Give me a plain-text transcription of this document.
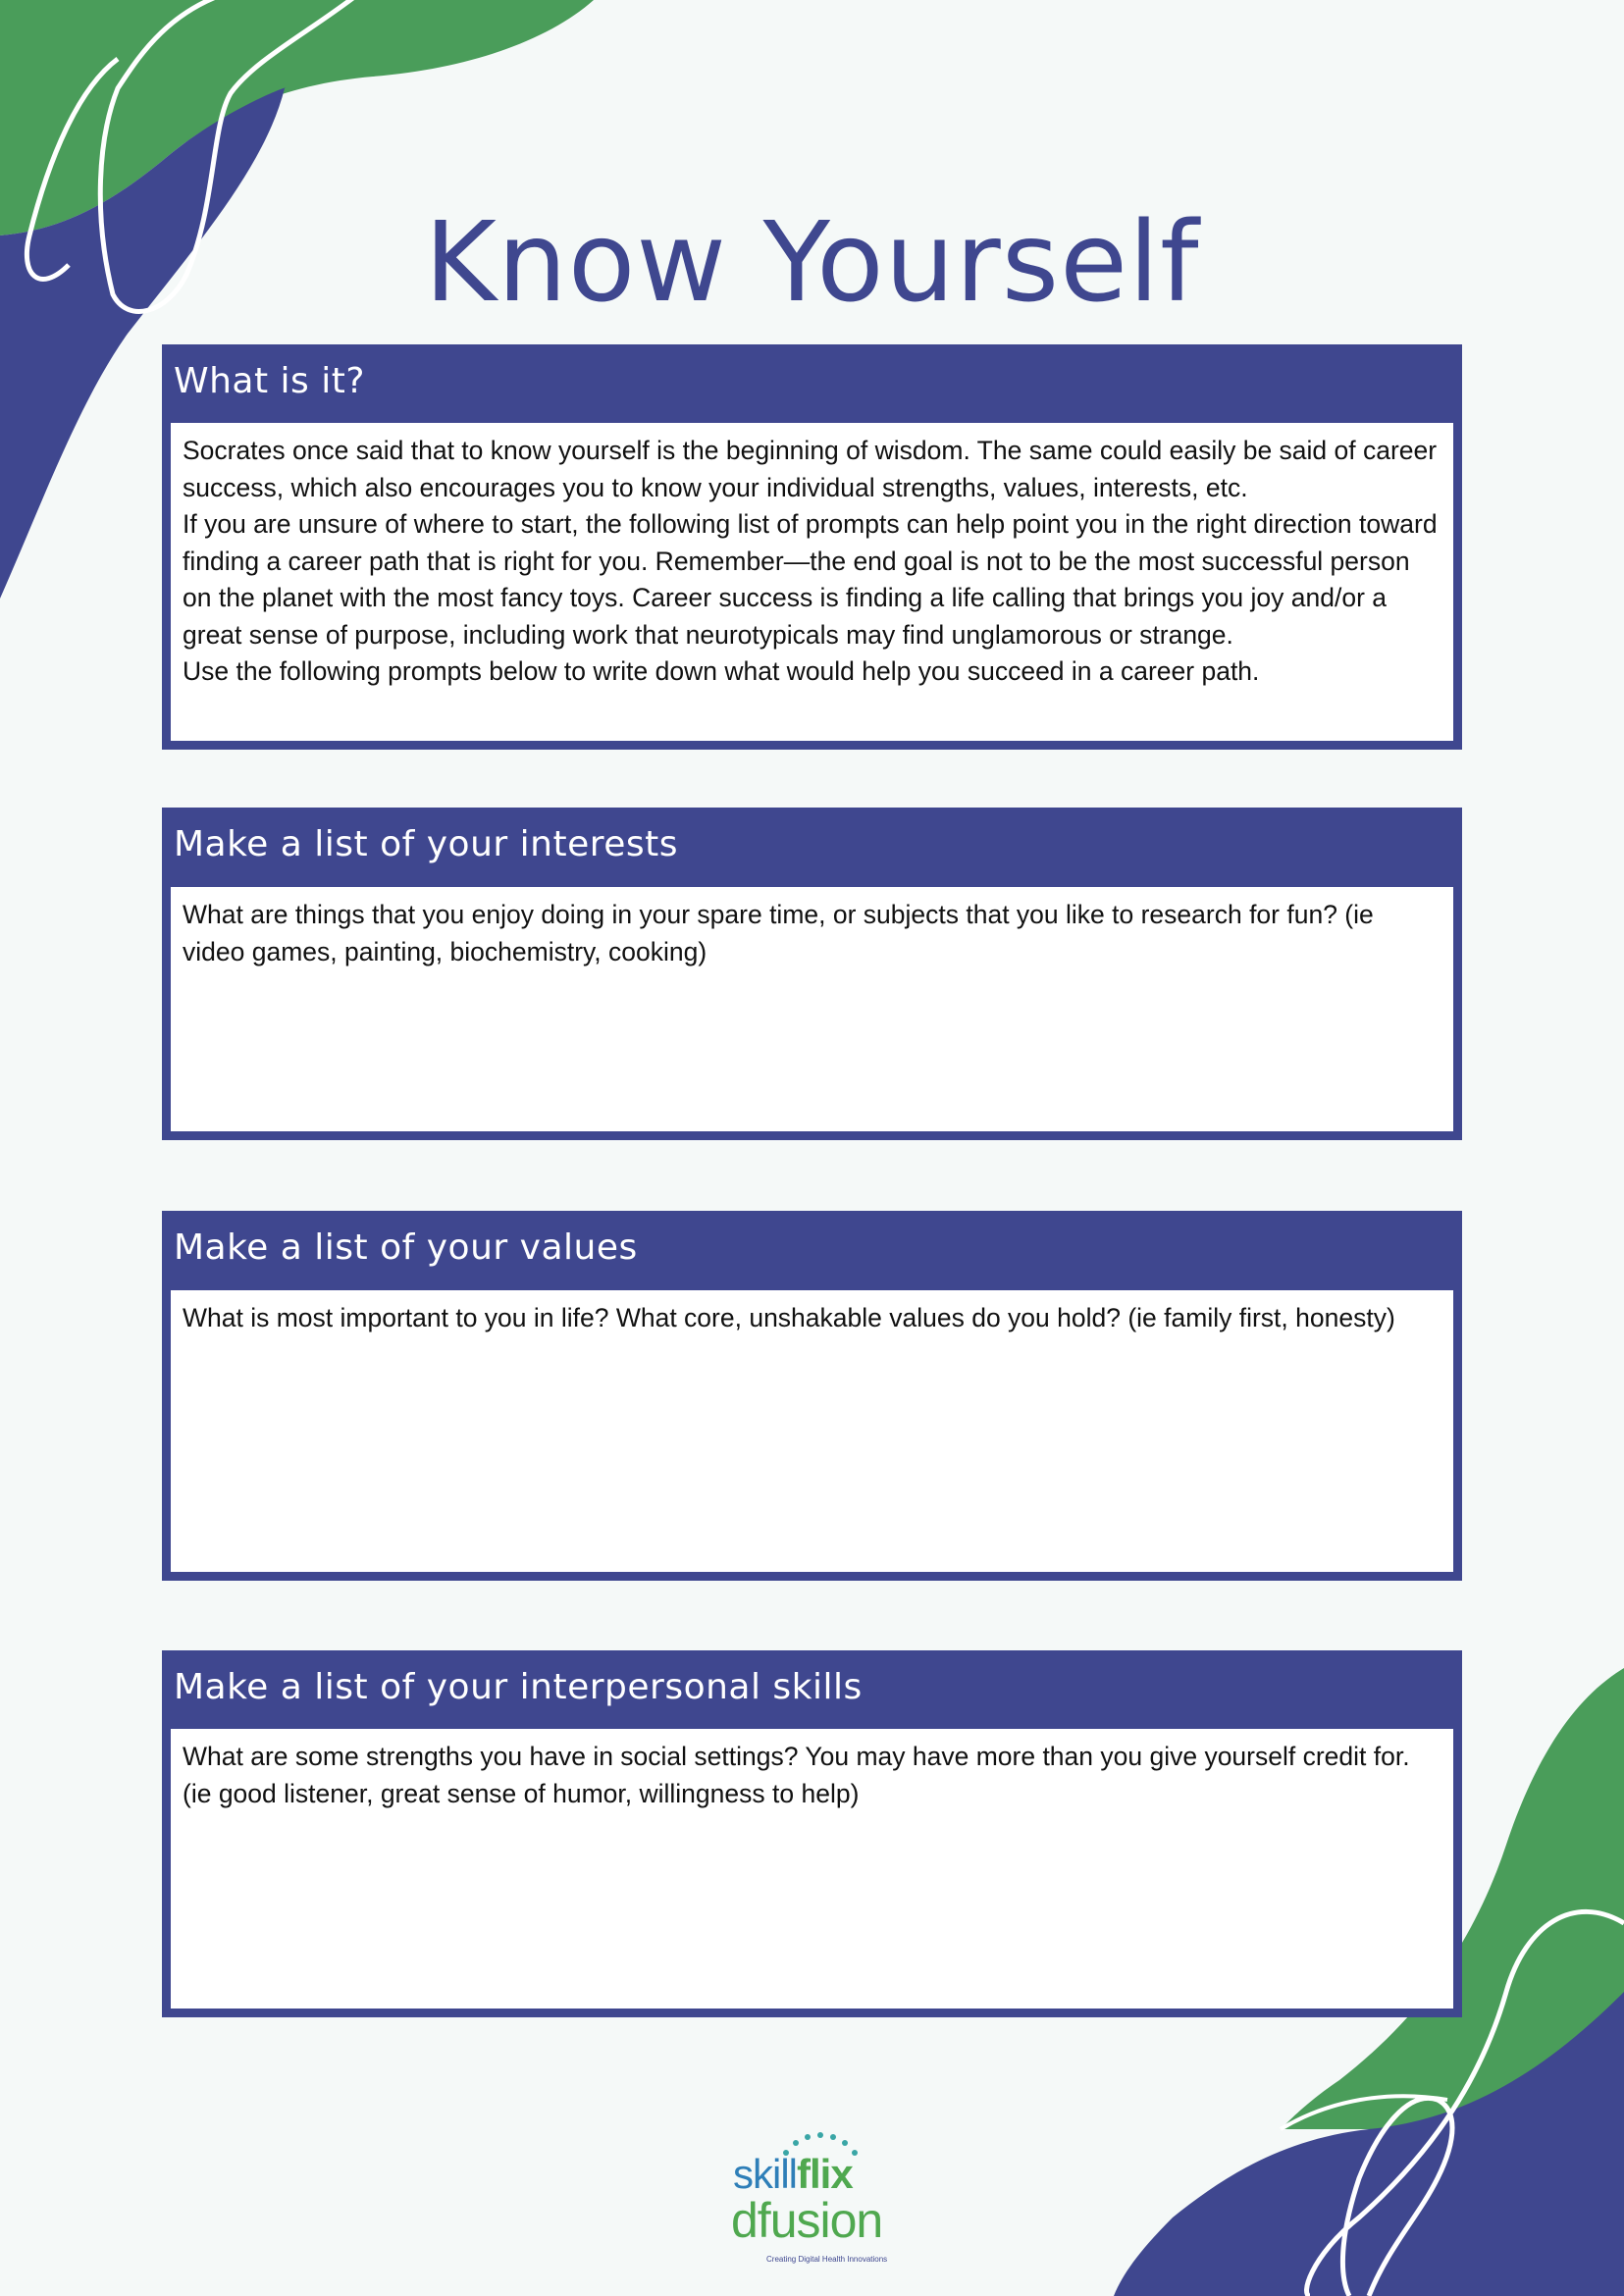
Know Yourself
What is it?

Socrates once said that to know yourself is the beginning of wisdom. The same could easily be said of career success, which also encourages you to know your individual strengths, values, interests, etc.

If you are unsure of where to start, the following list of prompts can help point you in the right direction toward finding a career path that is right for you. Remember—the end goal is not to be the most successful person on the planet with the most fancy toys. Career success is finding a life calling that brings you joy and/or a great sense of purpose, including work that neurotypicals may find unglamorous or strange.

Use the following prompts below to write down what would help you succeed in a career path.

Make a list of your interests

What are things that you enjoy doing in your spare time, or subjects that you like to research for fun? (ie video games, painting, biochemistry, cooking)

Make a list of your values

What is most important to you in life? What core, unshakable values do you hold? (ie family first, honesty)

Make a list of your interpersonal skills

What are some strengths you have in social settings? You may have more than you give yourself credit for. (ie good listener, great sense of humor, willingness to help)

skillflix
dfusion
Creating Digital Health Innovations
